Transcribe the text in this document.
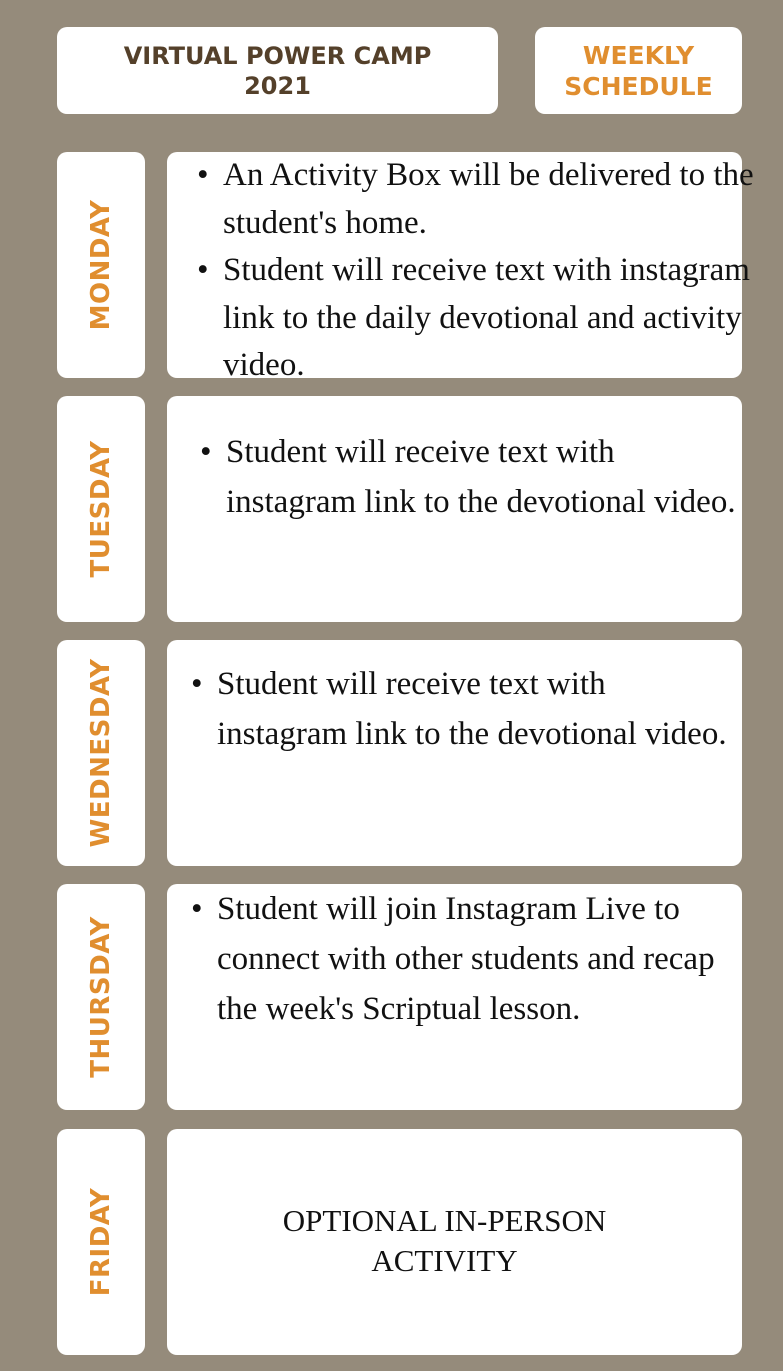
VIRTUAL POWER CAMP
2021
WEEKLY
SCHEDULE
MONDAY
• An Activity Box will be delivered to the student's home.
• Student will receive text with instagram link to the daily devotional and activity video.
TUESDAY	• Student will receive text with instagram link to the devotional video.
WEDNESDAY • Student will receive text with instagram link to the devotional video.
THURSDAY
• Student will join Instagram Live to connect with other students and recap the week's Scriptual lesson.
FRIDAY	OPTIONAL IN-PERSON
ACTIVITY
